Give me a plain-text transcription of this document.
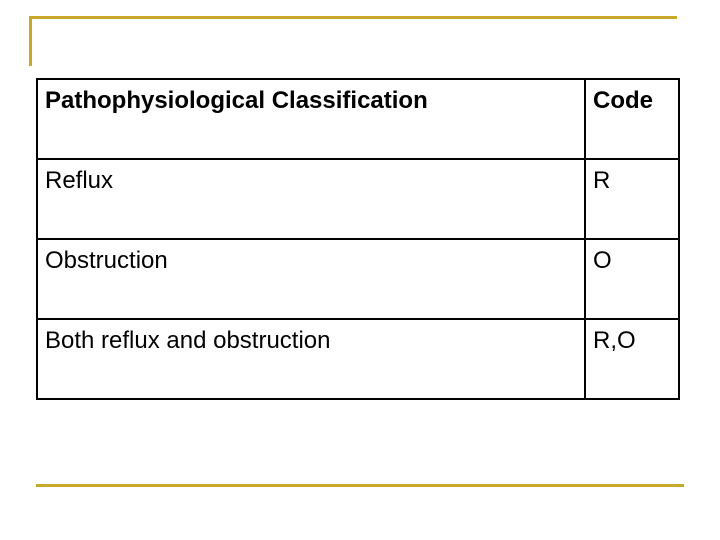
Pathophysiological Classification	Code
Reflux	R
Obstruction	O
Both reflux and obstruction	R,O
